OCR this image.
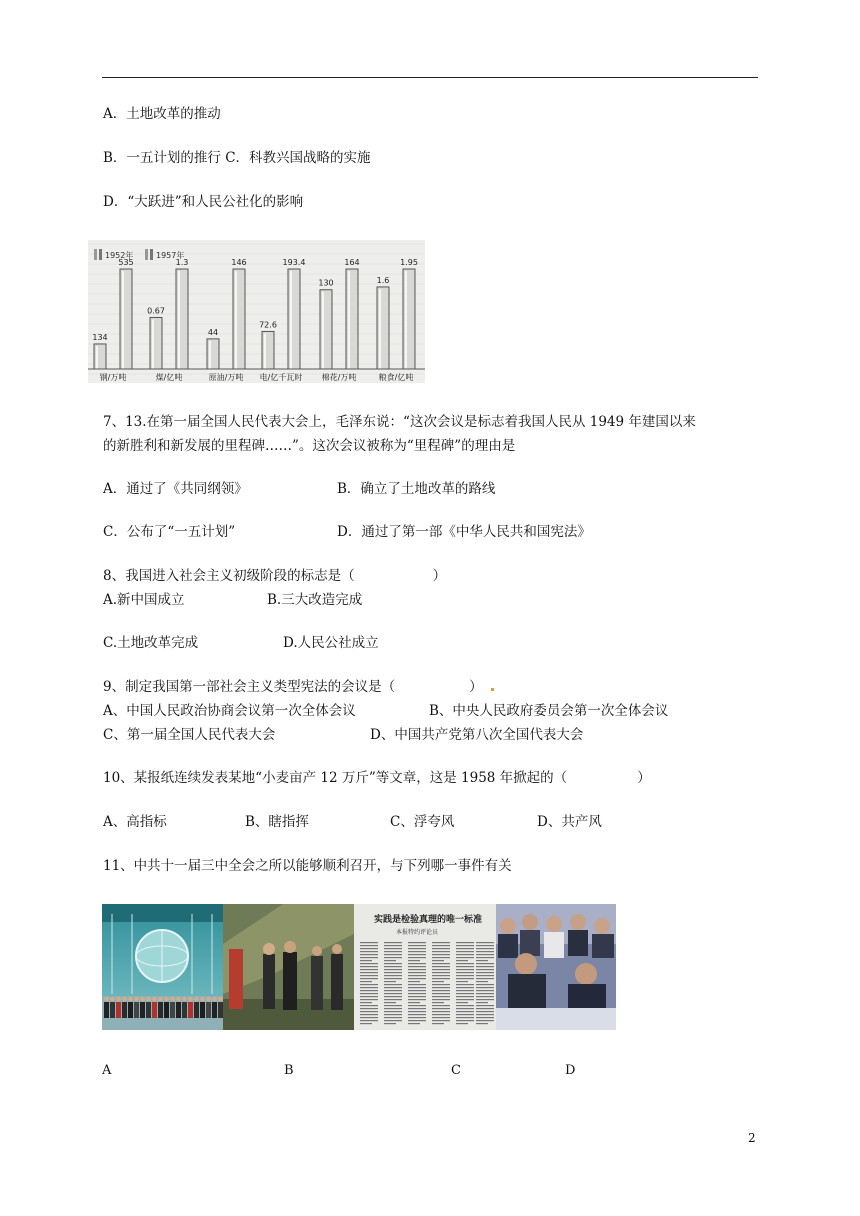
A．土地改革的推动
B．一五计划的推行 C．科教兴国战略的实施
D．“大跃进”和人民公社化的影响
1952年	1957年
134
535
钢/万吨
0.67
1.3
煤/亿吨
44
146
原油/万吨
72.6
193.4
电/亿千瓦时
130
164
棉花/万吨
1.6
1.95
粮食/亿吨
7、13.在第一届全国人民代表大会上，毛泽东说：“这次会议是标志着我国人民从 1949 年建国以来
的新胜利和新发展的里程碑……”。这次会议被称为“里程碑”的理由是
A．通过了《共同纲领》	B．确立了土地改革的路线
C．公布了“一五计划”	D．通过了第一部《中华人民共和国宪法》
8、我国进入社会主义初级阶段的标志是（	）
A.新中国成立	B.三大改造完成
C.土地改革完成	D.人民公社成立
9、制定我国第一部社会主义类型宪法的会议是（	）
A、中国人民政治协商会议第一次全体会议	B、中央人民政府委员会第一次全体会议
C、第一届全国人民代表大会	D、中国共产党第八次全国代表大会
10、某报纸连续发表某地“小麦亩产 12 万斤”等文章，这是 1958 年掀起的（	）
A、高指标	B、瞎指挥	C、浮夸风	D、共产风
11、中共十一届三中全会之所以能够顺利召开，与下列哪一事件有关
实践是检验真理的唯一标准
本报特约评论员
A	B	C	D
2
